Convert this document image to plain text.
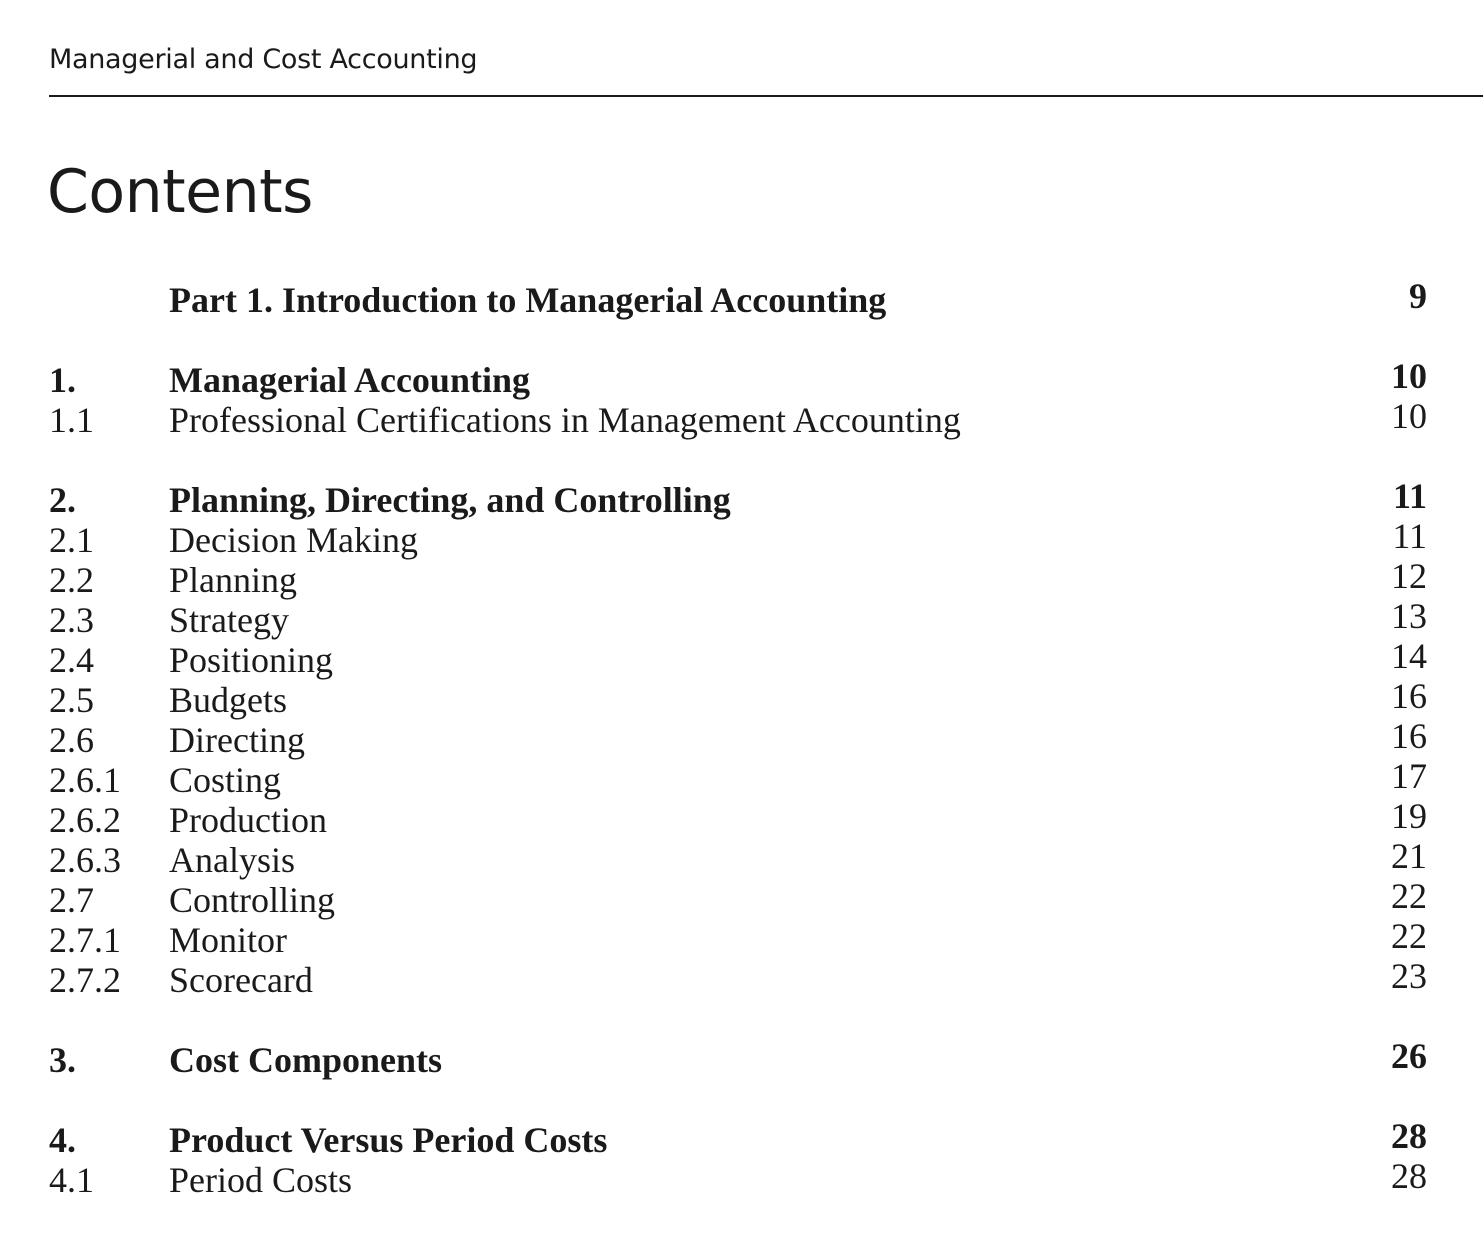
Managerial and Cost Accounting
Contents
Part 1. Introduction to Managerial Accounting	9
1.	Managerial Accounting	10
1.1 Professional Certifications in Management Accounting	10
2.	Planning, Directing, and Controlling	11
2.1 Decision Making	11
2.2 Planning	12
2.3 Strategy	13
2.4 Positioning	14
2.5 Budgets	16
2.6 Directing	16
2.6.1 Costing	17
2.6.2 Production	19
2.6.3 Analysis	21
2.7 Controlling	22
2.7.1 Monitor	22
2.7.2 Scorecard	23
3.	Cost Components	26
4.	Product Versus Period Costs	28
4.1 Period Costs	28
